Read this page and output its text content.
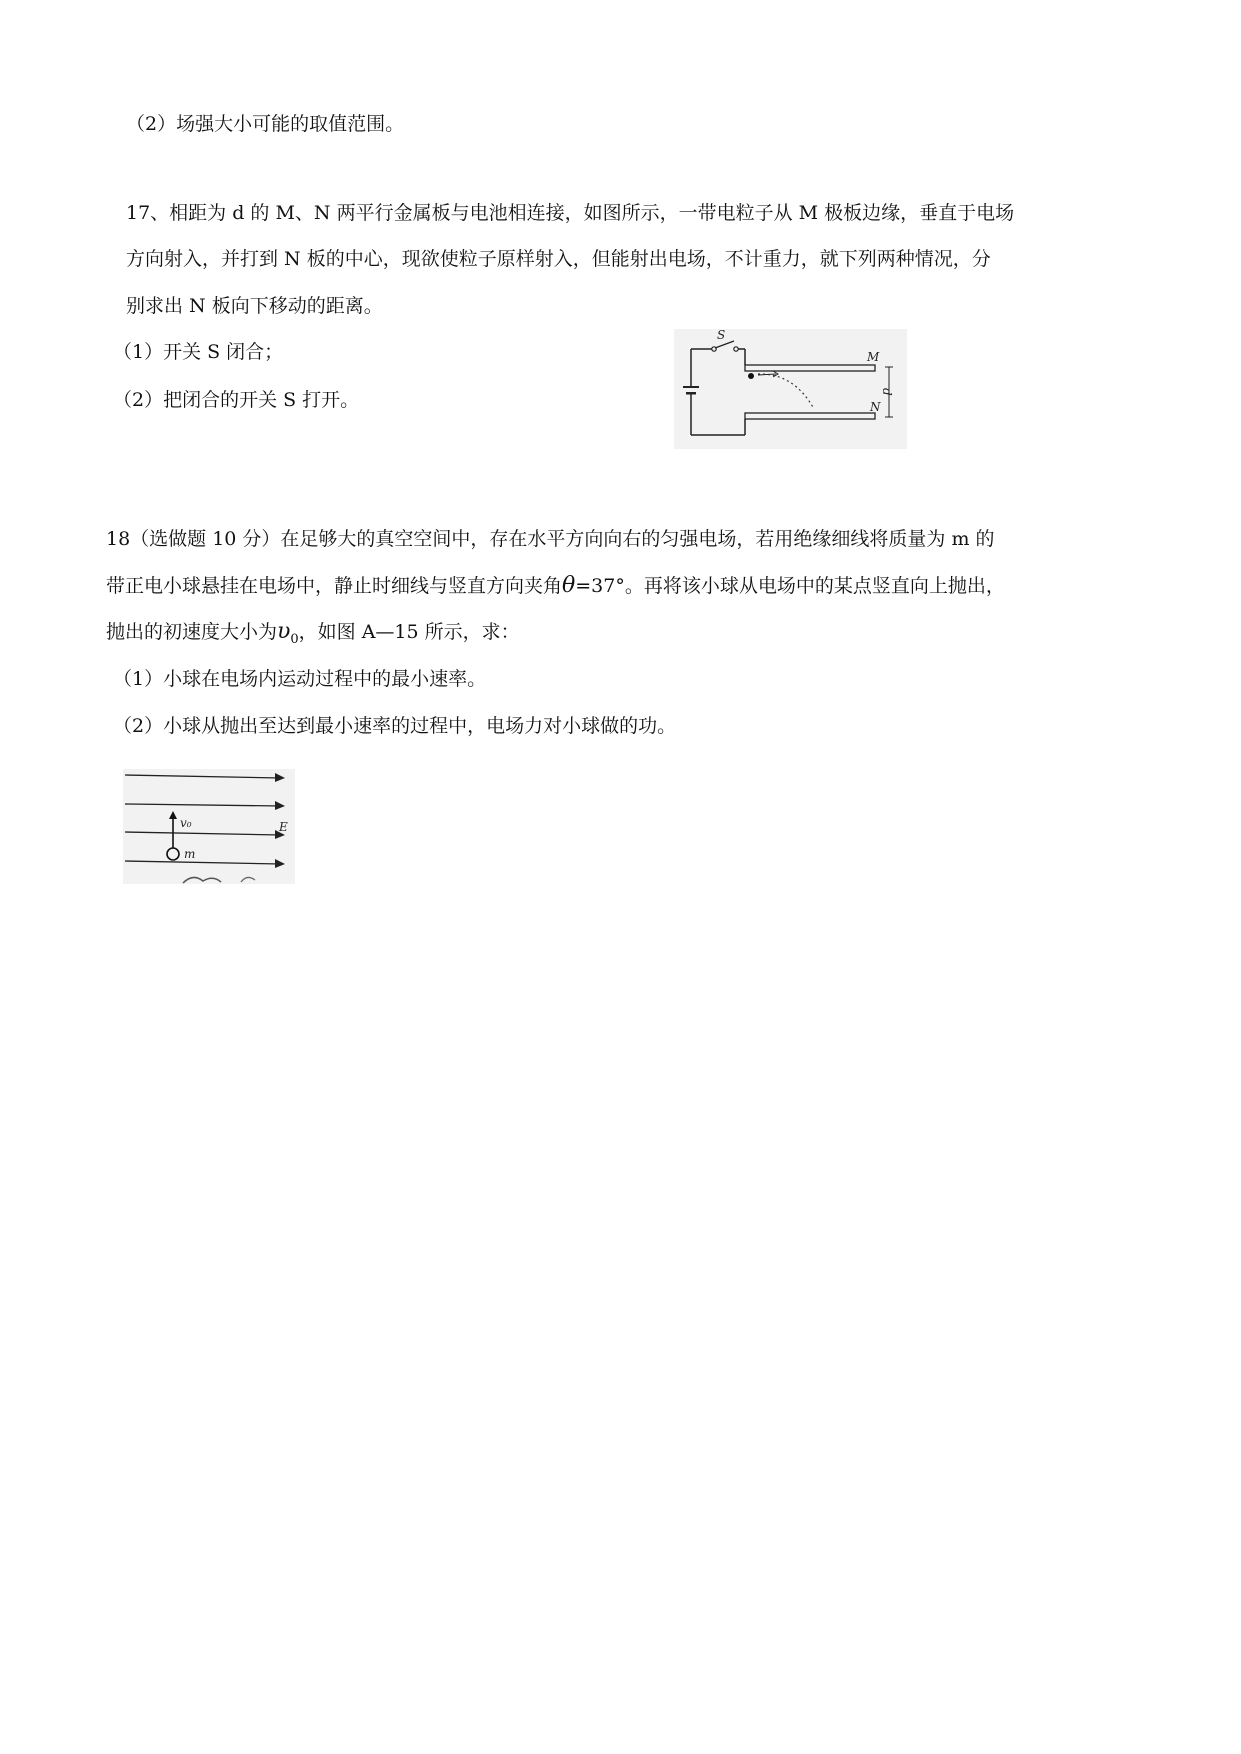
（2）场强大小可能的取值范围。
17、相距为 d 的 M、N 两平行金属板与电池相连接，如图所示，一带电粒子从 M 极板边缘，垂直于电场
方向射入，并打到 N 板的中心，现欲使粒子原样射入，但能射出电场，不计重力，就下列两种情况，分
别求出 N 板向下移动的距离。
（1）开关 S 闭合；
（2）把闭合的开关 S 打开。
S
M
N
d
18（选做题 10 分）在足够大的真空空间中，存在水平方向向右的匀强电场，若用绝缘细线将质量为 m 的
带正电小球悬挂在电场中，静止时细线与竖直方向夹角θ=37°。再将该小球从电场中的某点竖直向上抛出，
抛出的初速度大小为$\upsilon_0$，如图 A—15 所示，求：
（1）小球在电场内运动过程中的最小速率。
（2）小球从抛出至达到最小速率的过程中，电场力对小球做的功。
E
v₀
m
